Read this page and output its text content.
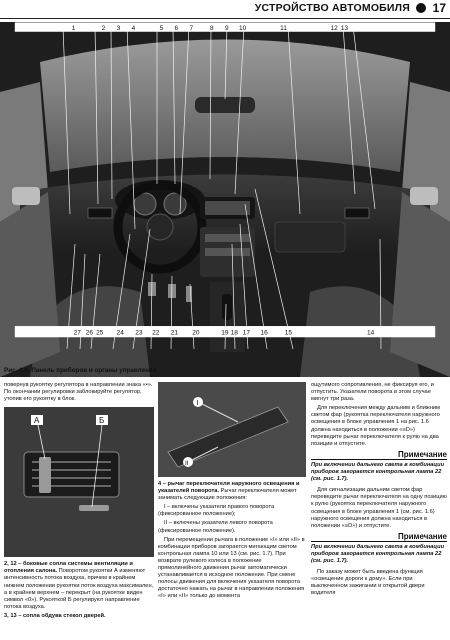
УСТРОЙСТВО АВТОМОБИЛЯ 17
1	2 3 4	5 6 7 8 9 10	11	12 13
27 26 25 24 23 22 21 20	19 18 17 16 15	14
Рис. 1.6. Панель приборов и органы управления

повернув рукоятку регулятора в направлении знака «•». По окончании регулировки заблокируйте регулятор, утопив его рукоятку в блок.

А	Б

2, 12 – боковые сопла системы вентиляции и отопления салона. Поворотом рукоятки А изменяют интенсивность потока воздуха, причем в крайнем нижнем положении рукоятки поток воздуха максимален, а в крайнем верхнем – перекрыт (на рукоятке виден символ «0»). Рукояткой Б регулируют направление потока воздуха.

3, 13 – сопла обдува стекол дверей.

I
II

4 – рычаг переключателя наружного освещения и указателей поворота. Рычаг переключателя может занимать следующие положения:

I – включены указатели правого поворота (фиксированное положение);

II – включены указатели левого поворота (фиксированное положение).

При перемещении рычага в положение «I» или «II» в комбинации приборов загорается мигающим светом контрольная лампа 10 или 13 (см. рис. 1.7). При возврате рулевого колеса в положение прямолинейного движения рычаг автоматически устанавливается в исходное положение. При смене полосы движения для включения указателя поворота достаточно нажать на рычаг в направлении положения «I» или «II» только до момента

ощутимого сопротивления, не фиксируя его, и отпустить. Указатели поворота в этом случае мигнут три раза.

Для переключения между дальним и ближним светом фар (рукоятка переключателя наружного освещения в блоке управления 1 на рис. 1.6 должна находиться в положении «≡D») переведите рычаг переключателя к рулю на два позиции и отпустите.

Примечание
При включении дальнего света в комбинации приборов загорается контрольная лампа 22 (см. рис. 1.7).

Для сигнализации дальним светом фар переведите рычаг переключателя на одну позицию к рулю (рукоятка переключателя наружного освещения в блоке управления 1 (см. рис. 1.6) наружного освещения должна находиться в положении «≡D») и отпустите.

Примечание
При включении дальнего света в комбинации приборов загорается контрольная лампа 22 (см. рис. 1.7).

По заказу может быть введена функция «освещение дороги к дому». Если при выключенном зажигании и открытой двери водителя
